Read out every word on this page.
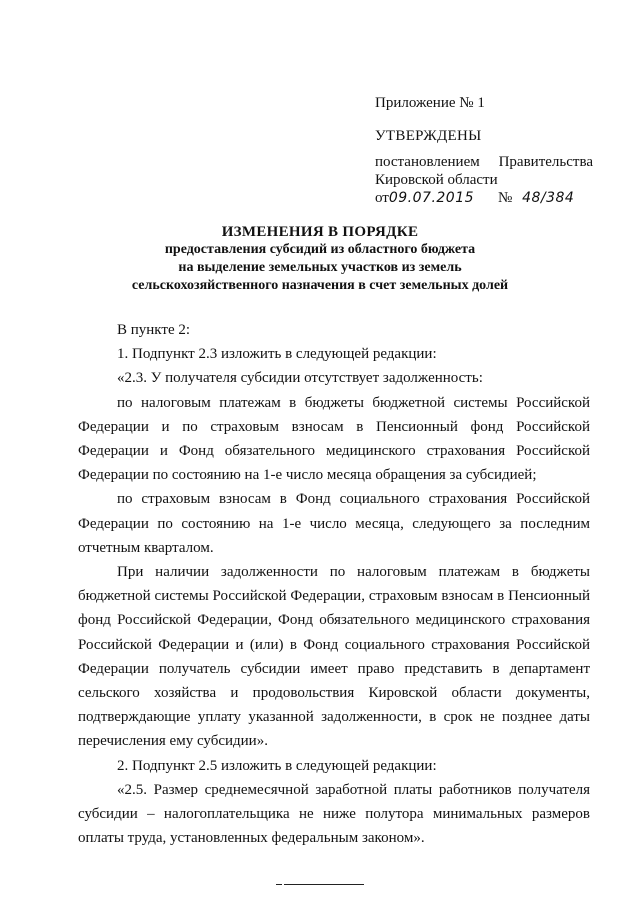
Приложение № 1
УТВЕРЖДЕНЫ
постановлением Правительства
Кировской области
от09.07.2015 № 48/384
ИЗМЕНЕНИЯ В ПОРЯДКЕ
предоставления субсидий из областного бюджета
на выделение земельных участков из земель
сельскохозяйственного назначения в счет земельных долей

В пункте 2:

1. Подпункт 2.3 изложить в следующей редакции:

«2.3. У получателя субсидии отсутствует задолженность:

по налоговым платежам в бюджеты бюджетной системы Российской Федерации и по страховым взносам в Пенсионный фонд Российской Федерации и Фонд обязательного медицинского страхования Российской Федерации по состоянию на 1-е число месяца обращения за субсидией;

по страховым взносам в Фонд социального страхования Российской Федерации по состоянию на 1-е число месяца, следующего за последним отчетным кварталом.

При наличии задолженности по налоговым платежам в бюджеты бюджетной системы Российской Федерации, страховым взносам в Пенсионный фонд Российской Федерации, Фонд обязательного медицинского страхования Российской Федерации и (или) в Фонд социального страхования Российской Федерации получатель субсидии имеет право представить в департамент сельского хозяйства и продовольствия Кировской области документы, подтверждающие уплату указанной задолженности, в срок не позднее даты перечисления ему субсидии».

2. Подпункт 2.5 изложить в следующей редакции:

«2.5. Размер среднемесячной заработной платы работников получателя субсидии – налогоплательщика не ниже полутора минимальных размеров оплаты труда, установленных федеральным законом».
